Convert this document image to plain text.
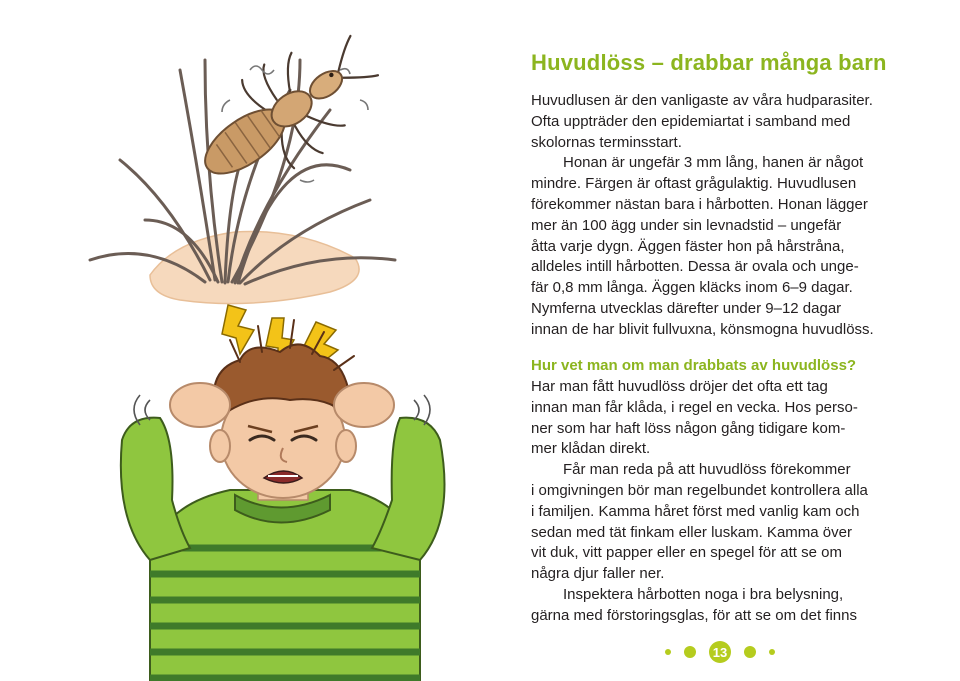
Huvudlöss – drabbar många barn
Huvudlusen är den vanligaste av våra hudparasiter.
Ofta uppträder den epidemiartat i samband med
skolornas terminsstart.
Honan är ungefär 3 mm lång, hanen är något
mindre. Färgen är oftast grågulaktig. Huvudlusen
förekommer nästan bara i hårbotten. Honan lägger
mer än 100 ägg under sin levnadstid – ungefär
åtta varje dygn. Äggen fäster hon på hårstråna,
alldeles intill hårbotten. Dessa är ovala och unge-
fär 0,8 mm långa. Äggen kläcks inom 6–9 dagar.
Nymferna utvecklas därefter under 9–12 dagar
innan de har blivit fullvuxna, könsmogna huvudlöss.
Hur vet man om man drabbats av huvudlöss?
Har man fått huvudlöss dröjer det ofta ett tag
innan man får klåda, i regel en vecka. Hos perso-
ner som har haft löss någon gång tidigare kom-
mer klådan direkt.
Får man reda på att huvudlöss förekommer
i omgivningen bör man regelbundet kontrollera alla
i familjen. Kamma håret först med vanlig kam och
sedan med tät finkam eller luskam. Kamma över
vit duk, vitt papper eller en spegel för att se om
några djur faller ner.
Inspektera hårbotten noga i bra belysning,
gärna med förstoringsglas, för att se om det finns
13
